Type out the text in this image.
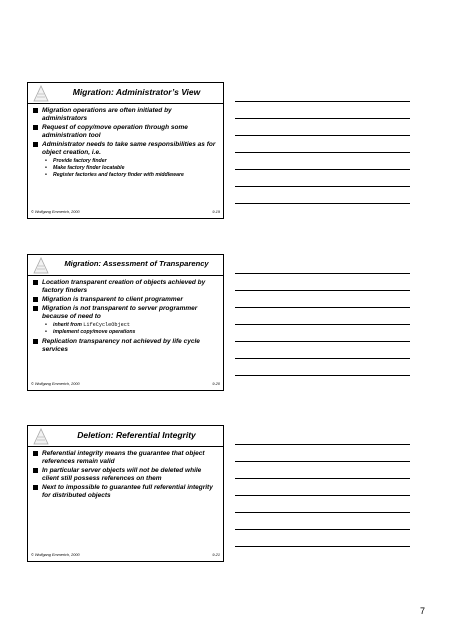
Migration: Administrator’s View
Migration operations are often initiated by administrators
Request of copy/move operation through some administration tool
Administrator needs to take same responsibilities as for object creation, i.e.
• Provide factory finder
• Make factory finder locatable
• Register factories and factory finder with middleware
© Wolfgang Emmerich, 2000	9-19
Migration: Assessment of Transparency
Location transparent creation of objects achieved by factory finders
Migration is transparent to client programmer
Migration is not transparent to server programmer because of need to
• inherit from LifeCycleObject
• implement copy/move operations
Replication transparency not achieved by life cycle services
© Wolfgang Emmerich, 2000	9-20
Deletion: Referential Integrity
Referential integrity means the guarantee that object references remain valid
In particular server objects will not be deleted while client still possess references on them
Next to impossible to guarantee full referential integrity for distributed objects
© Wolfgang Emmerich, 2000	9-21
7
